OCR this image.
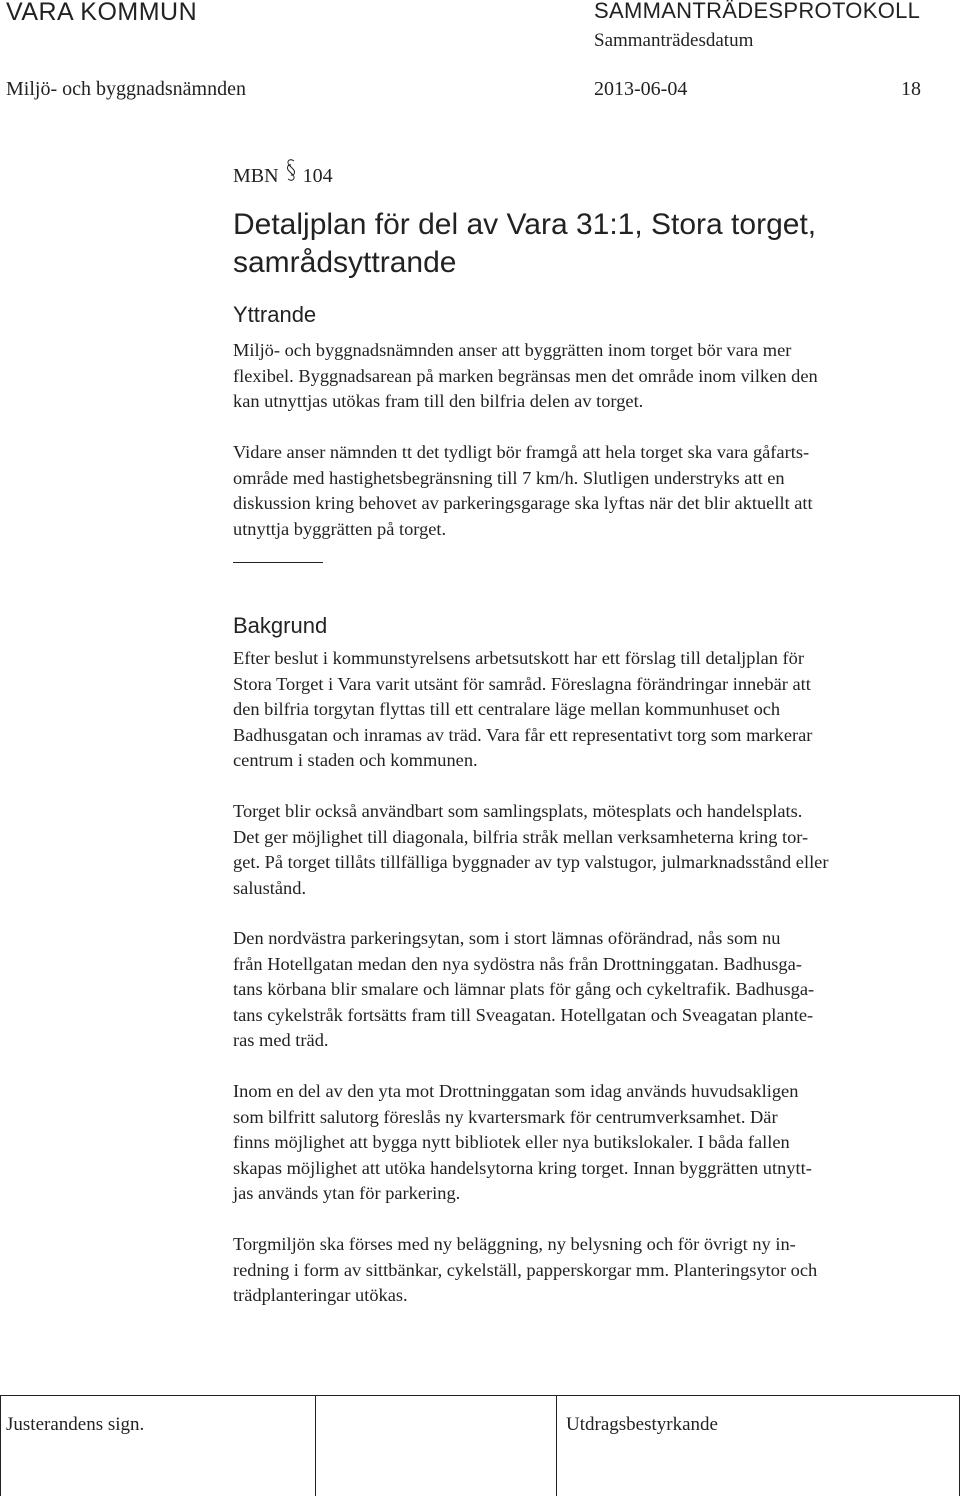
VARA KOMMUN	SAMMANTRÄDESPROTOKOLL
Sammanträdesdatum
Miljö- och byggnadsnämnden	2013-06-04	18
MBN 104
Detaljplan för del av Vara 31:1, Stora torget, samrådsyttrande
Yttrande
Miljö- och byggnadsnämnden anser att byggrätten inom torget bör vara mer
flexibel. Byggnadsarean på marken begränsas men det område inom vilken den
kan utnyttjas utökas fram till den bilfria delen av torget.
Vidare anser nämnden tt det tydligt bör framgå att hela torget ska vara gåfarts-
område med hastighetsbegränsning till 7 km/h. Slutligen understryks att en
diskussion kring behovet av parkeringsgarage ska lyftas när det blir aktuellt att
utnyttja byggrätten på torget.
Bakgrund
Efter beslut i kommunstyrelsens arbetsutskott har ett förslag till detaljplan för
Stora Torget i Vara varit utsänt för samråd. Föreslagna förändringar innebär att
den bilfria torgytan flyttas till ett centralare läge mellan kommunhuset och
Badhusgatan och inramas av träd. Vara får ett representativt torg som markerar
centrum i staden och kommunen.
Torget blir också användbart som samlingsplats, mötesplats och handelsplats.
Det ger möjlighet till diagonala, bilfria stråk mellan verksamheterna kring tor-
get. På torget tillåts tillfälliga byggnader av typ valstugor, julmarknadsstånd eller
salustånd.
Den nordvästra parkeringsytan, som i stort lämnas oförändrad, nås som nu
från Hotellgatan medan den nya sydöstra nås från Drottninggatan. Badhusga-
tans körbana blir smalare och lämnar plats för gång och cykeltrafik. Badhusga-
tans cykelstråk fortsätts fram till Sveagatan. Hotellgatan och Sveagatan plante-
ras med träd.
Inom en del av den yta mot Drottninggatan som idag används huvudsakligen
som bilfritt salutorg föreslås ny kvartersmark för centrumverksamhet. Där
finns möjlighet att bygga nytt bibliotek eller nya butikslokaler. I båda fallen
skapas möjlighet att utöka handelsytorna kring torget. Innan byggrätten utnytt-
jas används ytan för parkering.
Torgmiljön ska förses med ny beläggning, ny belysning och för övrigt ny in-
redning i form av sittbänkar, cykelställ, papperskorgar mm. Planteringsytor och
trädplanteringar utökas.
Justerandens sign.	Utdragsbestyrkande
